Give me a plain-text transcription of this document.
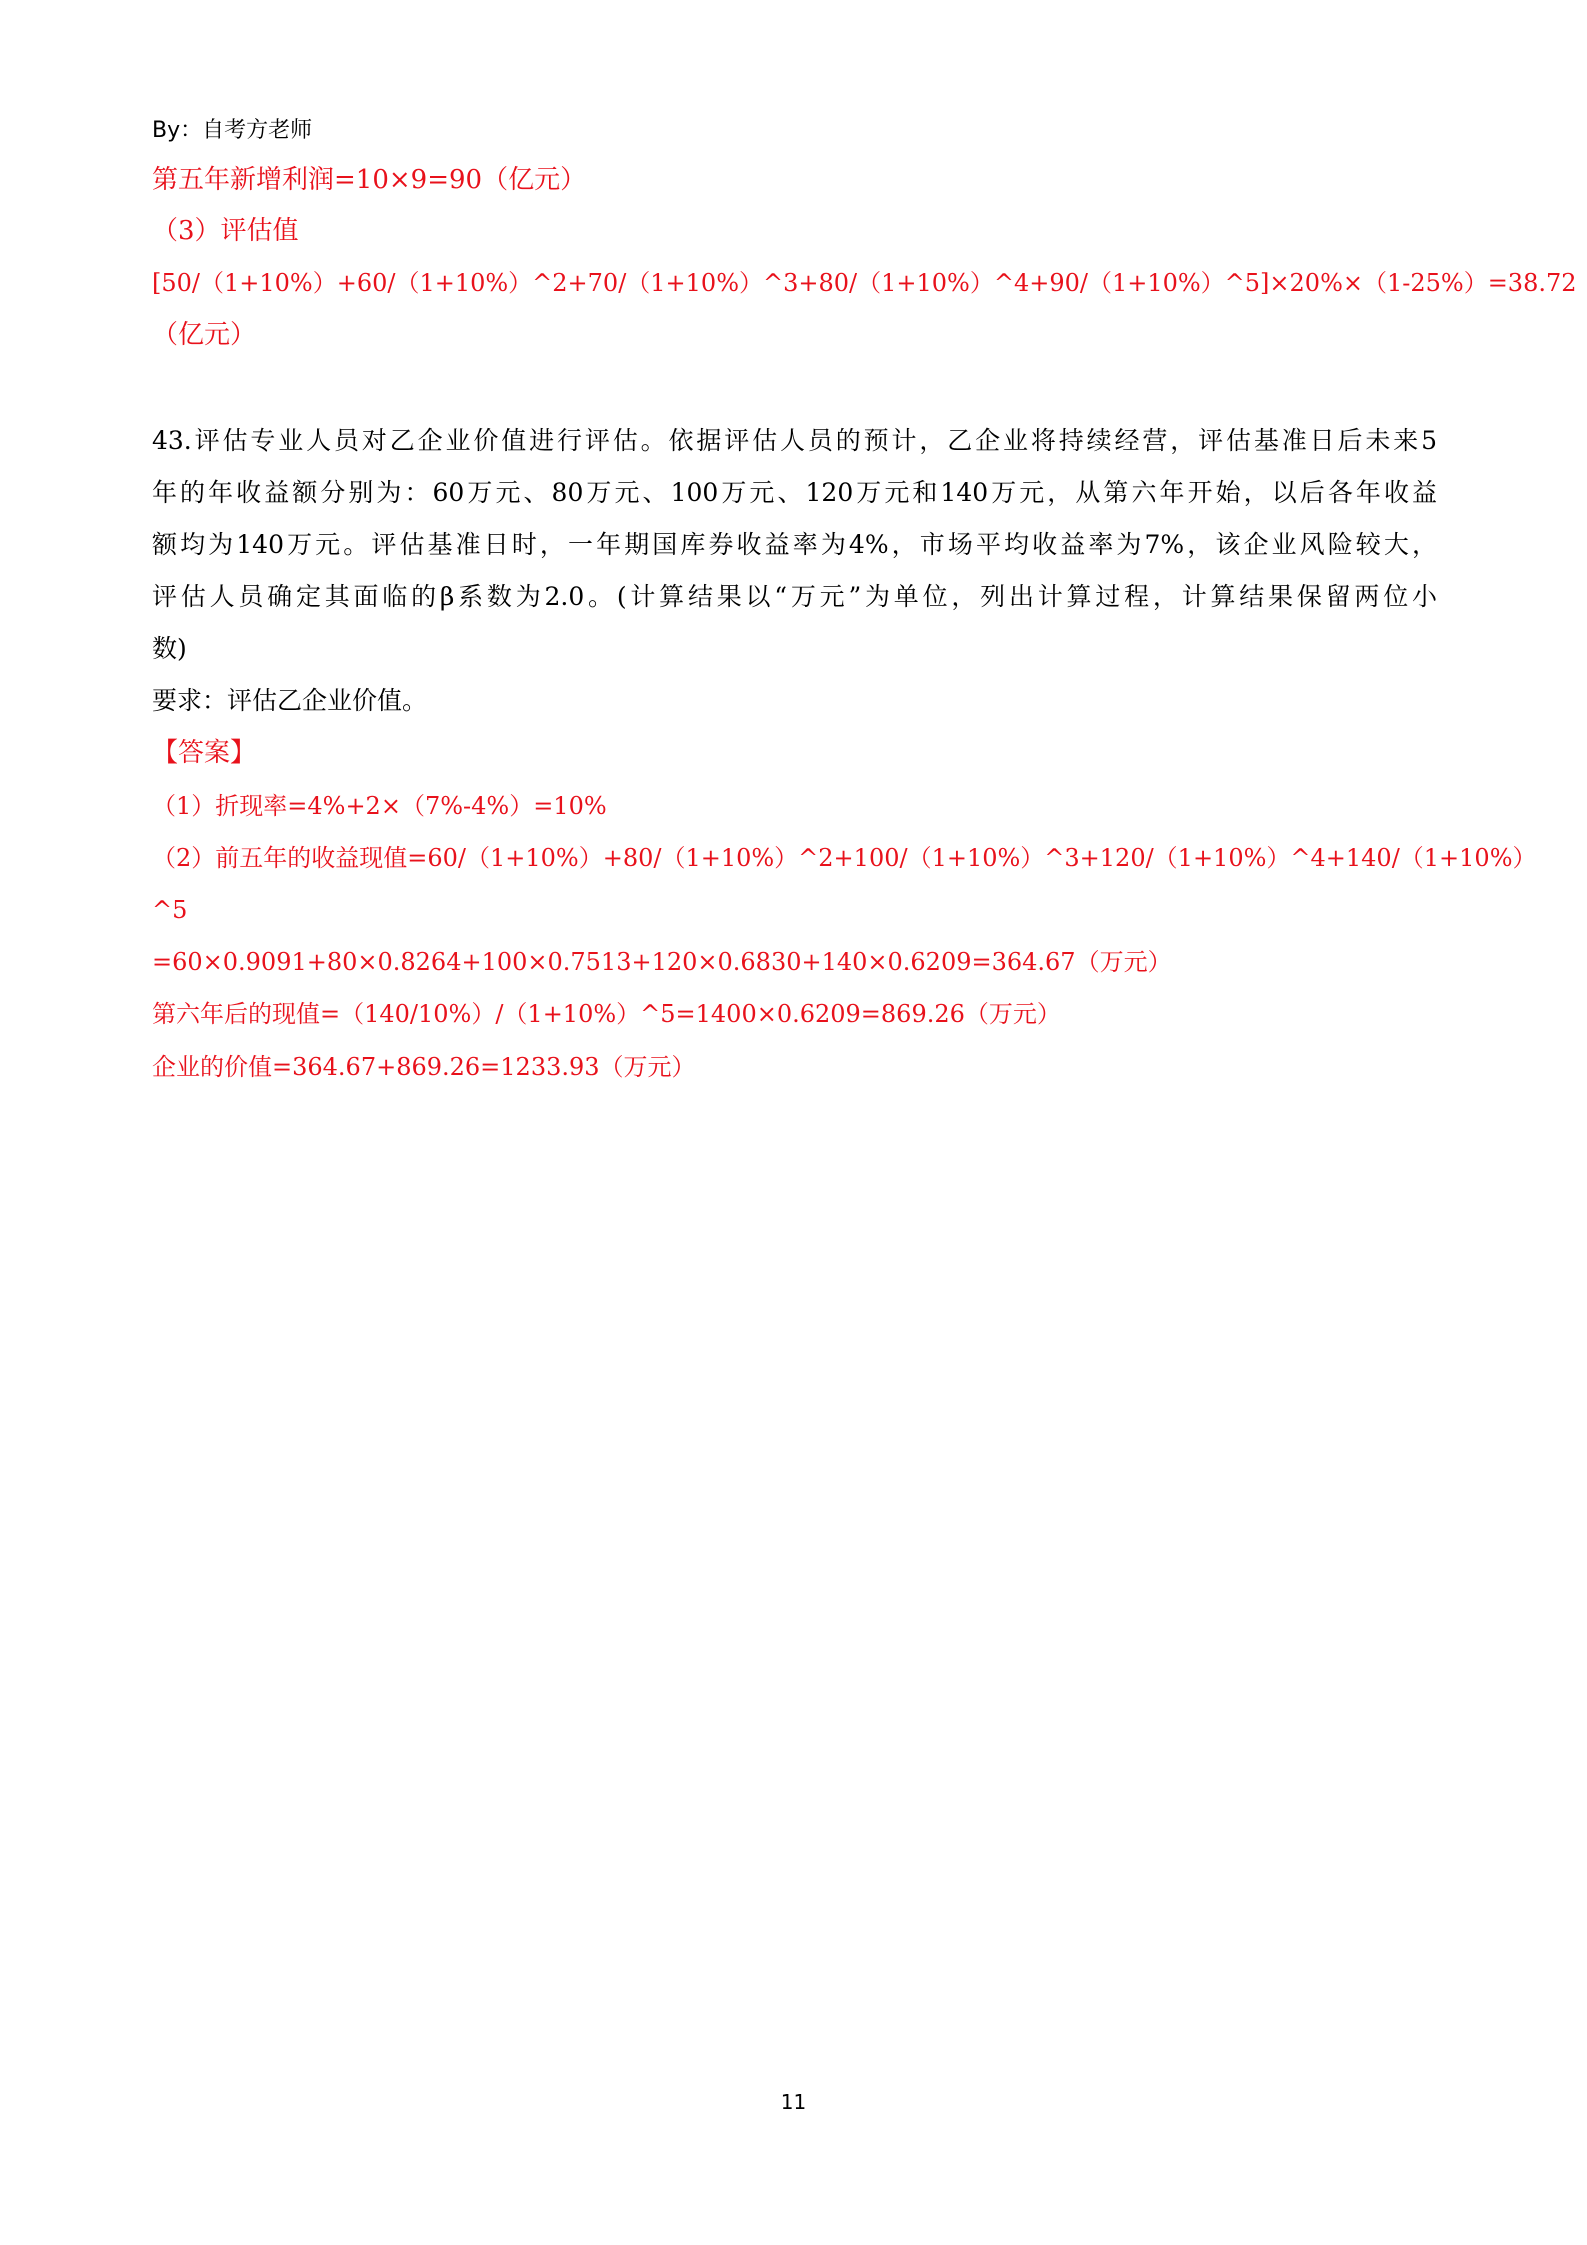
By：自考方老师
第五年新增利润=10×9=90（亿元）
（3）评估值
[50/（1+10%）+60/（1+10%）^2+70/（1+10%）^3+80/（1+10%）^4+90/（1+10%）^5]×20%×（1-25%）=38.72
（亿元）
43.评估专业人员对乙企业价值进行评估。依据评估人员的预计，乙企业将持续经营，评估基准日后未来5
年的年收益额分别为：60万元、80万元、100万元、120万元和140万元，从第六年开始，以后各年收益
额均为140万元。评估基准日时，一年期国库券收益率为4%，市场平均收益率为7%，该企业风险较大，
评估人员确定其面临的β系数为2.0。(计算结果以“万元”为单位，列出计算过程，计算结果保留两位小
数)
要求：评估乙企业价值。
【答案】
（1）折现率=4%+2×（7%-4%）=10%
（2）前五年的收益现值=60/（1+10%）+80/（1+10%）^2+100/（1+10%）^3+120/（1+10%）^4+140/（1+10%）
^5
=60×0.9091+80×0.8264+100×0.7513+120×0.6830+140×0.6209=364.67（万元）
第六年后的现值=（140/10%）/（1+10%）^5=1400×0.6209=869.26（万元）
企业的价值=364.67+869.26=1233.93（万元）
11
